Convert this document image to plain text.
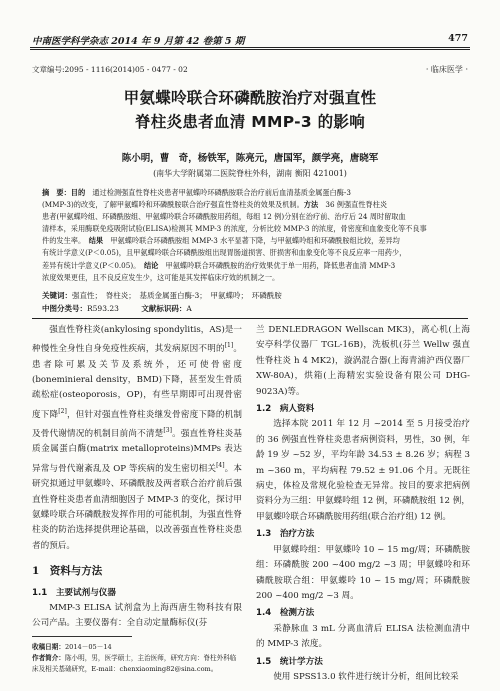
中南医学科学杂志 2014 年 9 月第 42 卷第 5 期	477
文章编号:2095 - 1116(2014)05 - 0477 - 02	· 临床医学 ·
甲氨蝶呤联合环磷酰胺治疗对强直性
脊柱炎患者血清 MMP-3 的影响
陈小明，曹　奇，杨铁军，陈亮元，唐国军，颜学亮，唐晓军
(南华大学附属第二医院脊柱外科，湖南 衡阳 421001)
摘　要：目的　 通过检测强直性脊柱炎患者甲氨蝶呤环磷酰胺联合治疗前后血清基质金属蛋白酶-3
(MMP-3)的改变，了解甲氨蝶呤和环磷酰胺联合治疗强直性脊柱炎的效果及机制。方法　 36 例强直性脊柱炎
患者(甲氨蝶呤组、环磷酰胺组、甲氨蝶呤联合环磷酰胺用药组，每组 12 例)分别在治疗前、治疗后 24 周时留取血
清样本，采用酶联免疫吸附试验(ELISA)检测其 MMP-3 的浓度，分析比较 MMP-3 的浓度，骨密度和血象变化等不良事
件的发生率。　 结果　 甲氨蝶呤联合环磷酰胺组 MMP-3 水平显著下降，与甲氨蝶呤组和环磷酰胺组比较，差异均
有统计学意义(P＜0.05)，且甲氨蝶呤联合环磷酰胺组出现胃肠道损害、肝损害和血象变化等不良反应率一用药少，
差异有统计学意义(P＜0.05)。　 结论　 甲氨蝶呤联合环磷酰胺的治疗效果优于单一用药，降低患者血清 MMP-3
浓度效果更佳，且不良反应发生少，这可能是其发挥临床疗效的机制之一。
关键词：强直性；　脊柱炎；　基质金属蛋白酶-3；　甲氨蝶呤；　环磷酰胺
中图分类号：R593.23　　　	文献标识码：A

强直性脊柱炎(ankylosing spondylitis，AS)是一种慢性全身性自身免疫性疾病，其发病原因不明的[1]。患者除可累及关节及系统外，还可使骨密度(boneminieral density，BMD)下降，甚至发生骨质疏松症(osteoporosis，OP)，有些早期即可出现骨密度下降[2]，但针对强直性脊柱炎继发骨密度下降的机制及骨代谢情况的机制目前尚不清楚[3]。强直性脊柱炎基质金属蛋白酶(matrix metalloproteins)MMPs 表达异常与骨代谢紊乱及 OP 等疾病的发生密切相关[4]。本研究拟通过甲氨蝶呤、环磷酰胺及两者联合治疗前后强直性脊柱炎患者血清细胞因子 MMP-3 的变化，探讨甲氨蝶呤联合环磷酰胺发挥作用的可能机制，为强直性脊柱炎的防治选择提供理论基础，以改善强直性脊柱炎患者的预后。

1　资料与方法

1.1　主要试剂与仪器

MMP-3 ELISA 试剂盒为上海西唐生物科技有限公司产品。主要仪器有：全自动定量酶标仪(芬

兰 DENLEDRAGON Wellscan MK3)，离心机(上海安亭科学仪器厂 TGL-16B)，洗板机(芬兰 Wellw 强直性脊柱炎 h 4 MK2)，漩涡混合器(上海青浦沪西仪器厂 XW-80A)，烘箱(上海精宏实验设备有限公司 DHG-9023A)等。

1.2　病人资料

选择本院 2011 年 12 月 ~2014 至 5 月接受治疗的 36 例强直性脊柱炎患者病例资料，男性，30 例，年龄 19 岁 ~52 岁，平均年龄 34.53 ± 8.26 岁；病程 3 m ~360 m，平均病程 79.52 ± 91.06 个月。无既往病史，体检及常规化验检查无异常。按目的要求把病例资料分为三组：甲氨蝶呤组 12 例，环磷酰胺组 12 例，甲氨蝶呤联合环磷酰胺用药组(联合治疗组) 12 例。

1.3　治疗方法

甲氨蝶呤组：甲氨蝶呤 10 ~ 15 mg/周；环磷酰胺组：环磷酰胺 200 ~400 mg/2 ~3 周；甲氨蝶呤和环磷酰胺联合组：甲氨蝶呤 10 ~ 15 mg/周；环磷酰胺 200 ~400 mg/2 ~3 周。

1.4　检测方法

采静脉血 3 mL 分离血清后 ELISA 法检测血清中的 MMP-3 浓度。

1.5　统计学方法

使用 SPSS13.0 软件进行统计分析，组间比较采

收稿日期：2014－05－14
作者简介：陈小明，男，医学硕士，主治医师，研究方向：脊柱外科临床及相关基础研究，E-mail：chenxiaoming82@sina.com。
